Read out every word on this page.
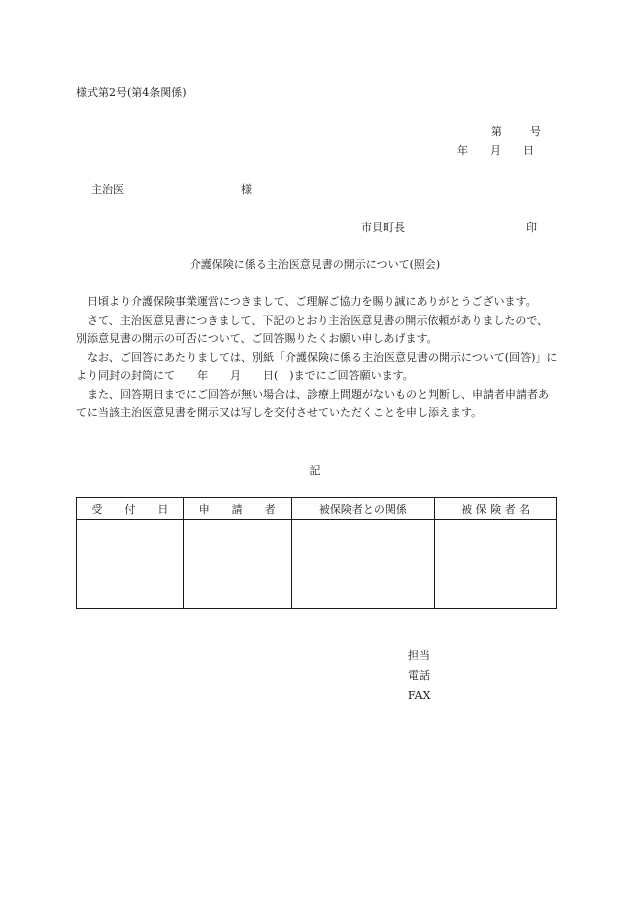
様式第2号(第4条関係)
第	号
年 月 日
主治医	様
市貝町長	印
介護保険に係る主治医意見書の開示について(照会)

日頃より介護保険事業運営につきまして、ご理解ご協力を賜り誠にありがとうございます。

さて、主治医意見書につきまして、下記のとおり主治医意見書の開示依頼がありましたので、別添意見書の開示の可否について、ご回答賜りたくお願い申しあげます。

なお、ご回答にあたりましては、別紙「介護保険に係る主治医意見書の開示について(回答)」により同封の封筒にて　　年　　月　　日(　)までにご回答願います。

また、回答期日までにご回答が無い場合は、診療上問題がないものと判断し、申請者申請者あてに当該主治医意見書を開示又は写しを交付させていただくことを申し添えます。

記
受　　付　　日	申　　請　　者	被保険者との関係	被 保 険 者 名

担当
電話
FAX
